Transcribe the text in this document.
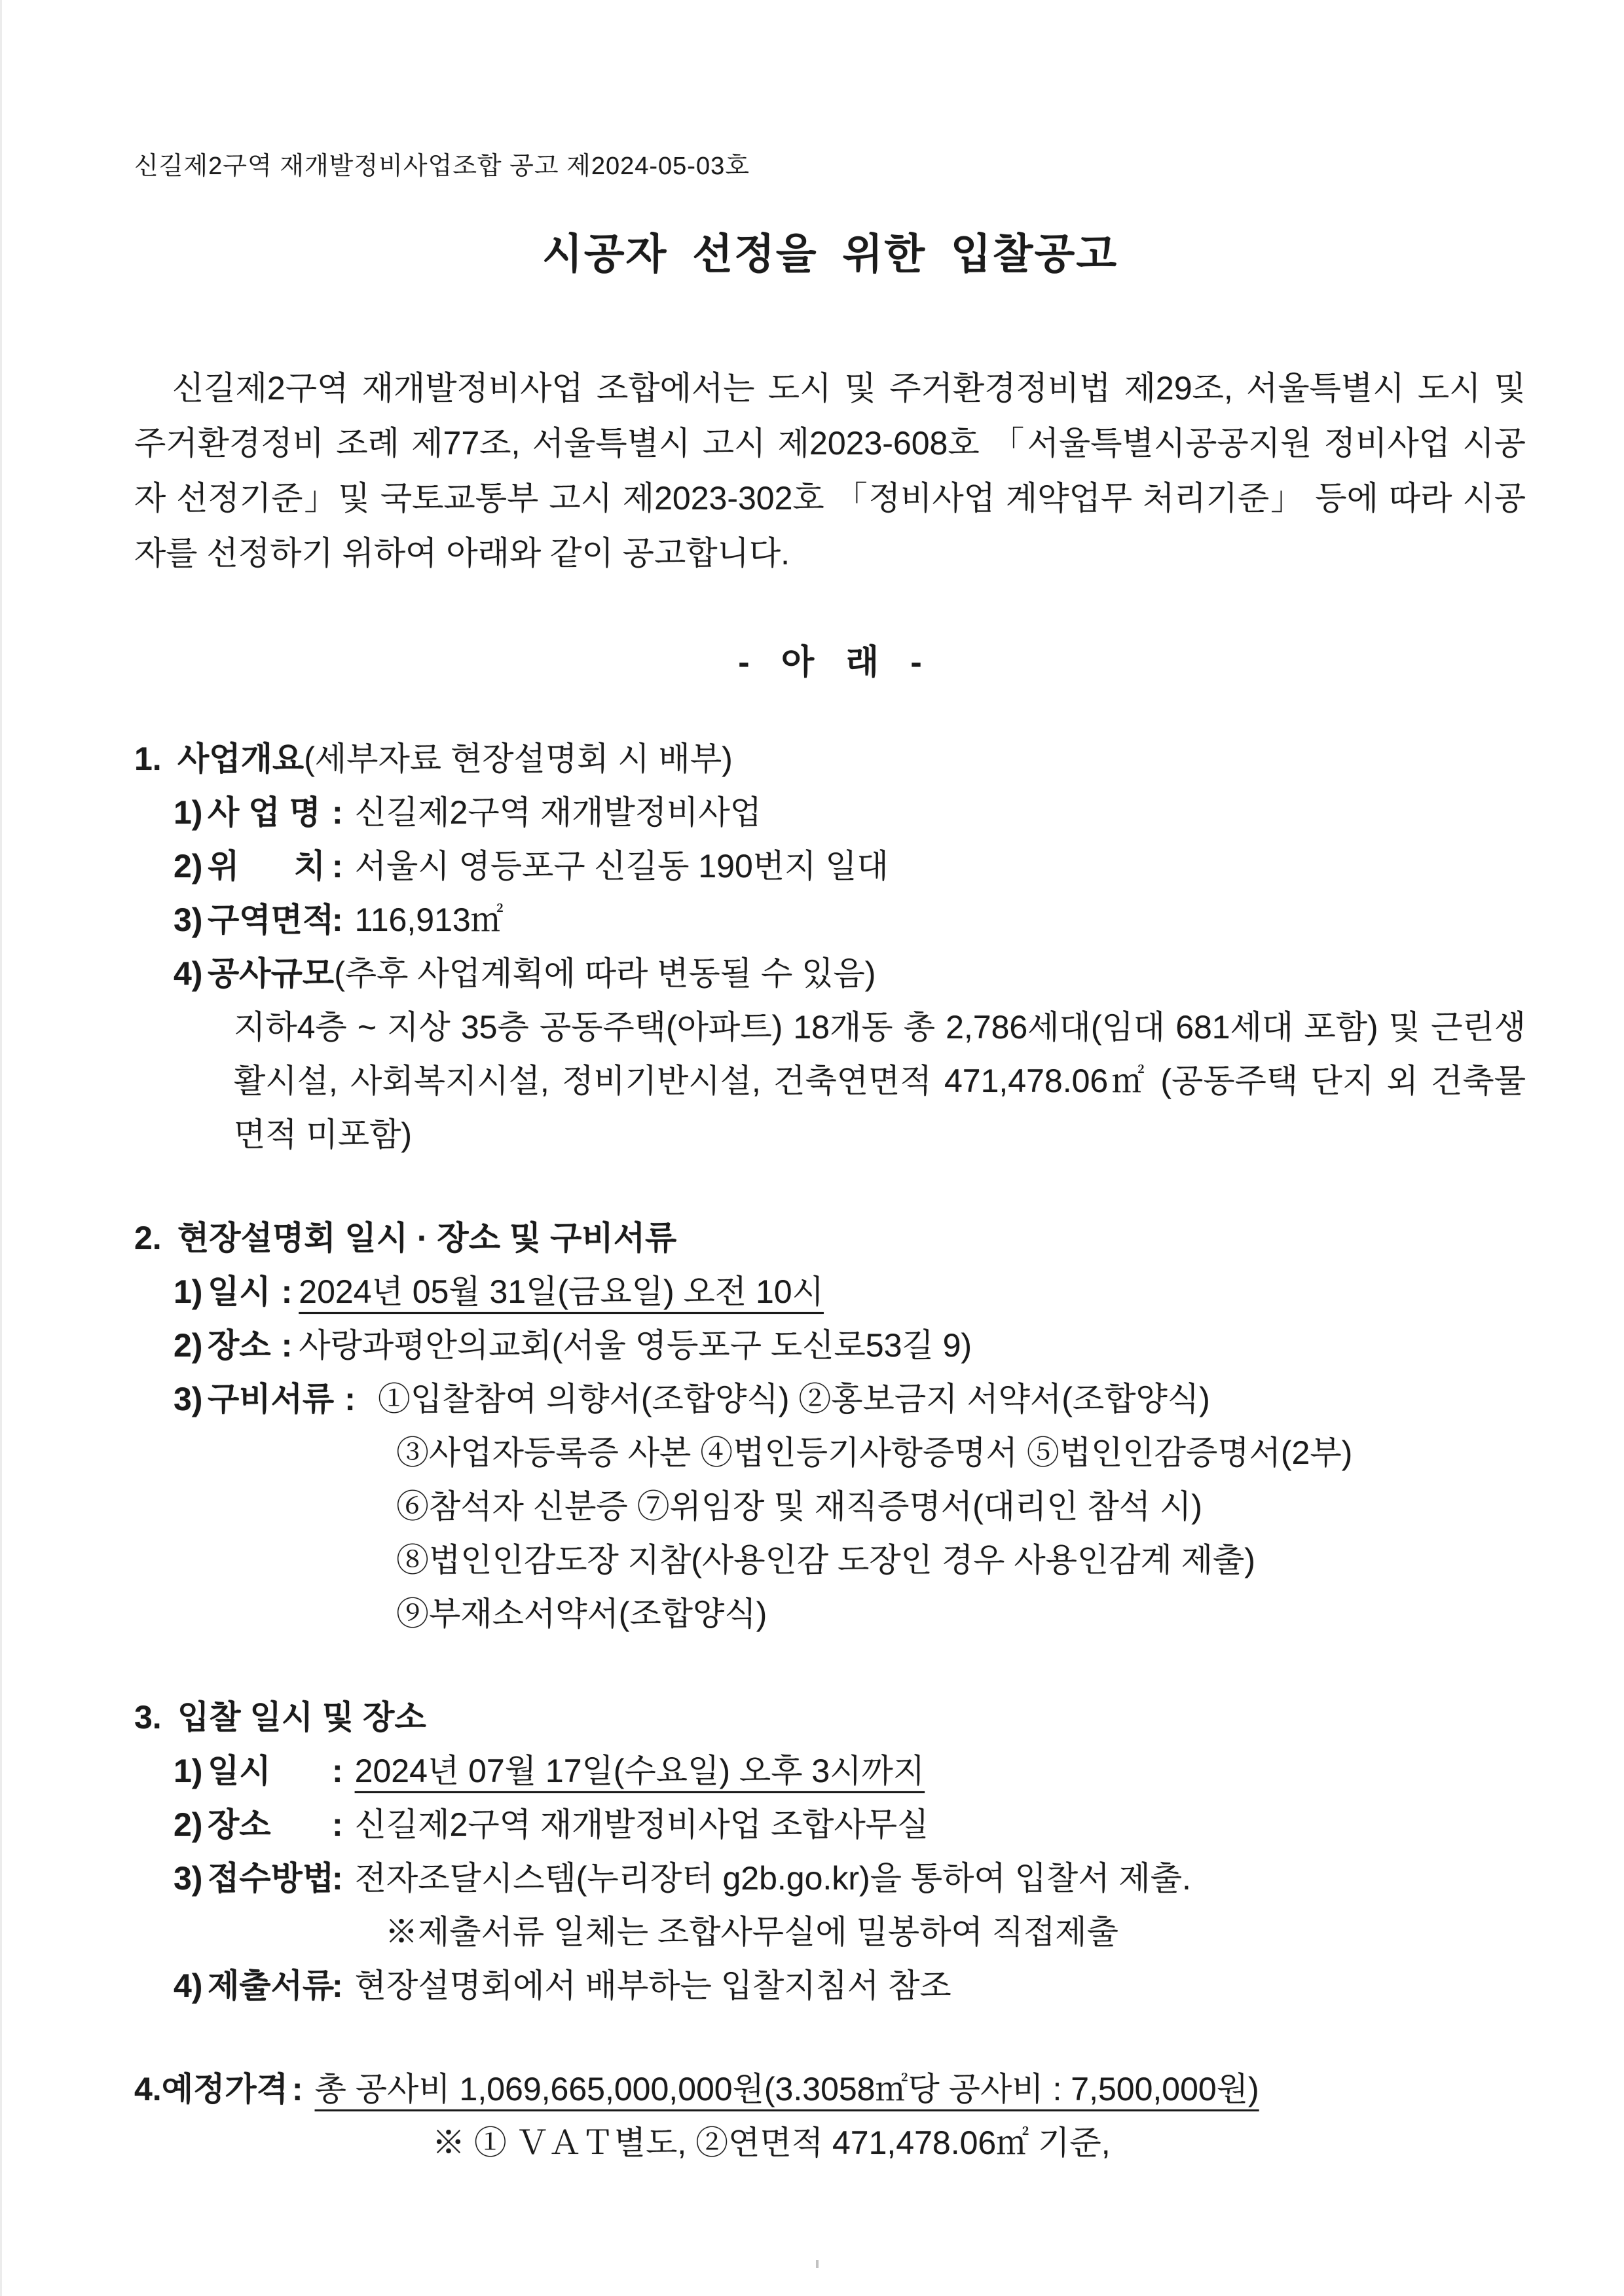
신길제2구역 재개발정비사업조합 공고 제2024-05-03호
시공자 선정을 위한 입찰공고

신길제2구역 재개발정비사업 조합에서는 도시 및 주거환경정비법 제29조, 서울특별시 도시 및 주거환경정비 조례 제77조, 서울특별시 고시 제2023-608호 「서울특별시공공지원 정비사업 시공자 선정기준」및 국토교통부 고시 제2023-302호 「정비사업 계약업무 처리기준」 등에 따라 시공자를 선정하기 위하여 아래와 같이 공고합니다.

- 아 래 -
1. 사업개요(세부자료 현장설명회 시 배부)
1) 사 업 명 : 신길제2구역 재개발정비사업
2) 위      치 : 서울시 영등포구 신길동 190번지 일대
3) 구역면적: 116,913㎡
4) 공사규모(추후 사업계획에 따라 변동될 수 있음)

지하4층 ~ 지상 35층 공동주택(아파트) 18개동 총 2,786세대(임대 681세대 포함) 및 근린생활시설, 사회복지시설, 정비기반시설, 건축연면적 471,478.06㎡ (공동주택 단지 외 건축물 면적 미포함)

2. 현장설명회 일시 · 장소 및 구비서류
1) 일시 : 2024년 05월 31일(금요일) 오전 10시
2) 장소 : 사랑과평안의교회(서울 영등포구 도신로53길 9)
3) 구비서류 : ①입찰참여 의향서(조합양식) ②홍보금지 서약서(조합양식)

③사업자등록증 사본 ④법인등기사항증명서 ⑤법인인감증명서(2부)

⑥참석자 신분증 ⑦위임장 및 재직증명서(대리인 참석 시)

⑧법인인감도장 지참(사용인감 도장인 경우 사용인감계 제출)

⑨부재소서약서(조합양식)

3. 입찰 일시 및 장소
1) 일시 : 2024년 07월 17일(수요일) 오후 3시까지
2) 장소 : 신길제2구역 재개발정비사업 조합사무실
3) 접수방법: 전자조달시스템(누리장터 g2b.go.kr)을 통하여 입찰서 제출.

※제출서류 일체는 조합사무실에 밀봉하여 직접제출

4) 제출서류: 현장설명회에서 배부하는 입찰지침서 참조
4.예정가격 : 총 공사비 1,069,665,000,000원(3.3058㎡당 공사비 : 7,500,000원)

※ ① ＶＡＴ별도, ②연면적 471,478.06㎡ 기준,
